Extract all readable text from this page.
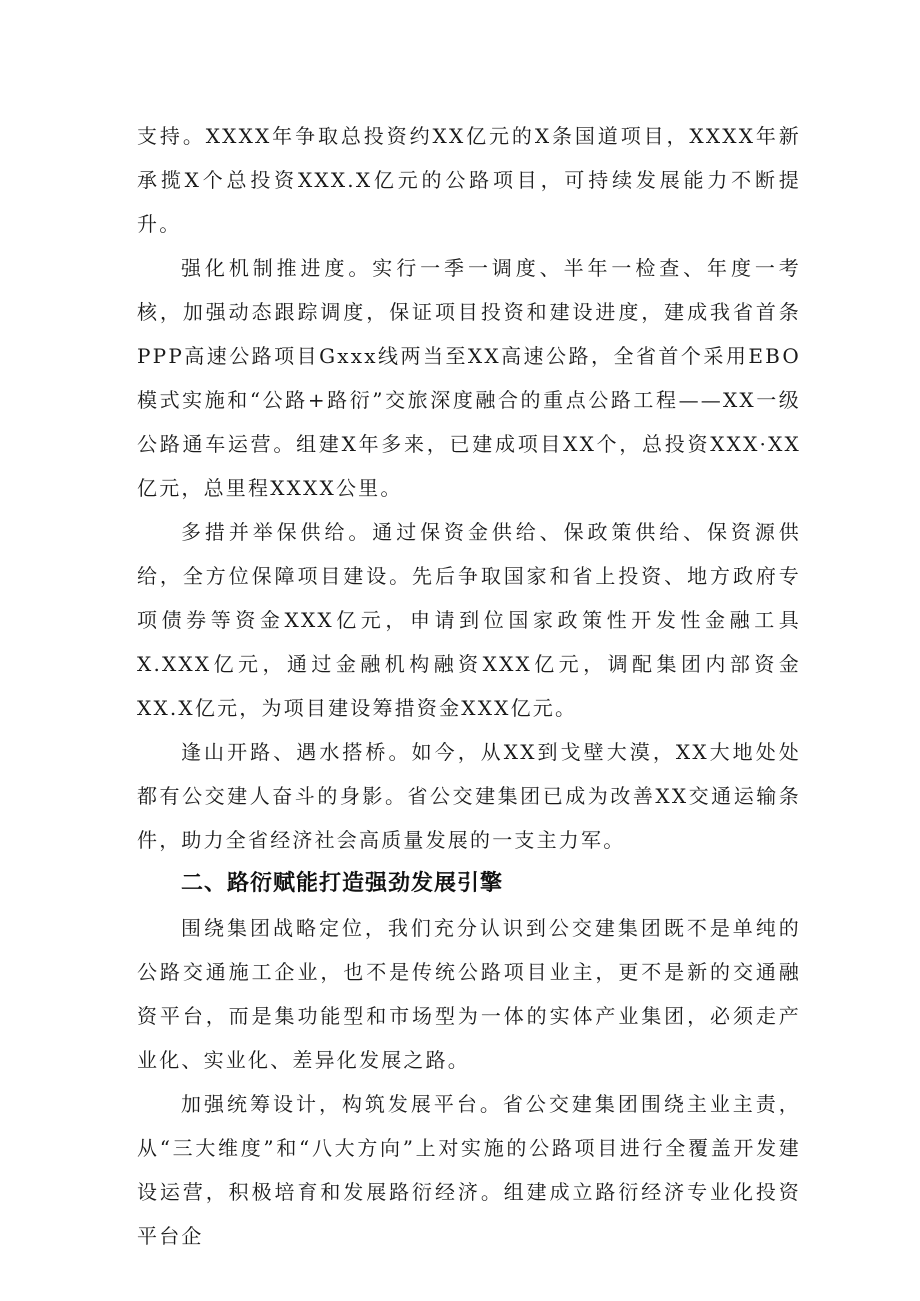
支持。XXXX年争取总投资约XX亿元的X条国道项目，XXXX年新承揽X个总投资XXX.X亿元的公路项目，可持续发展能力不断提升。

强化机制推进度。实行一季一调度、半年一检查、年度一考核，加强动态跟踪调度，保证项目投资和建设进度，建成我省首条PPP高速公路项目Gxxx线两当至XX高速公路，全省首个采用EBO模式实施和“公路+路衍”交旅深度融合的重点公路工程——XX一级公路通车运营。组建X年多来，已建成项目XX个，总投资XXX·XX亿元，总里程XXXX公里。

多措并举保供给。通过保资金供给、保政策供给、保资源供给，全方位保障项目建设。先后争取国家和省上投资、地方政府专项债券等资金XXX亿元，申请到位国家政策性开发性金融工具X.XXX亿元，通过金融机构融资XXX亿元，调配集团内部资金XX.X亿元，为项目建设筹措资金XXX亿元。

逢山开路、遇水搭桥。如今，从XX到戈壁大漠，XX大地处处都有公交建人奋斗的身影。省公交建集团已成为改善XX交通运输条件，助力全省经济社会高质量发展的一支主力军。

二、路衍赋能打造强劲发展引擎

围绕集团战略定位，我们充分认识到公交建集团既不是单纯的公路交通施工企业，也不是传统公路项目业主，更不是新的交通融资平台，而是集功能型和市场型为一体的实体产业集团，必须走产业化、实业化、差异化发展之路。

加强统筹设计，构筑发展平台。省公交建集团围绕主业主责，从“三大维度”和“八大方向”上对实施的公路项目进行全覆盖开发建设运营，积极培育和发展路衍经济。组建成立路衍经济专业化投资平台企
